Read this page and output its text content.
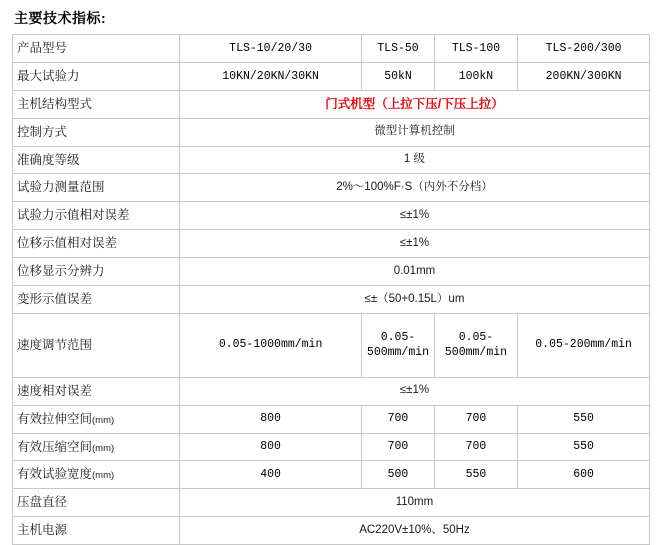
主要技术指标:
产品型号	TLS-10/20/30	TLS-50	TLS-100	TLS-200/300
最大试验力	10KN/20KN/30KN	50kN	100kN	200KN/300KN
主机结构型式	门式机型（上拉下压/下压上拉）			
控制方式	微型计算机控制			
准确度等级	1 级			
试验力测量范围	2%～100%F·S（内外不分档）			
试验力示值相对误差	≤±1%			
位移示值相对误差	≤±1%			
位移显示分辨力	0.01mm			
变形示值误差	≤±（50+0.15L）um			
速度调节范围	0.05-1000mm/min	0.05-500mm/min	0.05-500mm/min	0.05-200mm/min
速度相对误差	≤±1%			
有效拉伸空间(mm)	800	700	700	550
有效压缩空间(mm)	800	700	700	550
有效试验宽度(mm)	400	500	550	600
压盘直径	110mm			
主机电源	AC220V±10%、50Hz			
